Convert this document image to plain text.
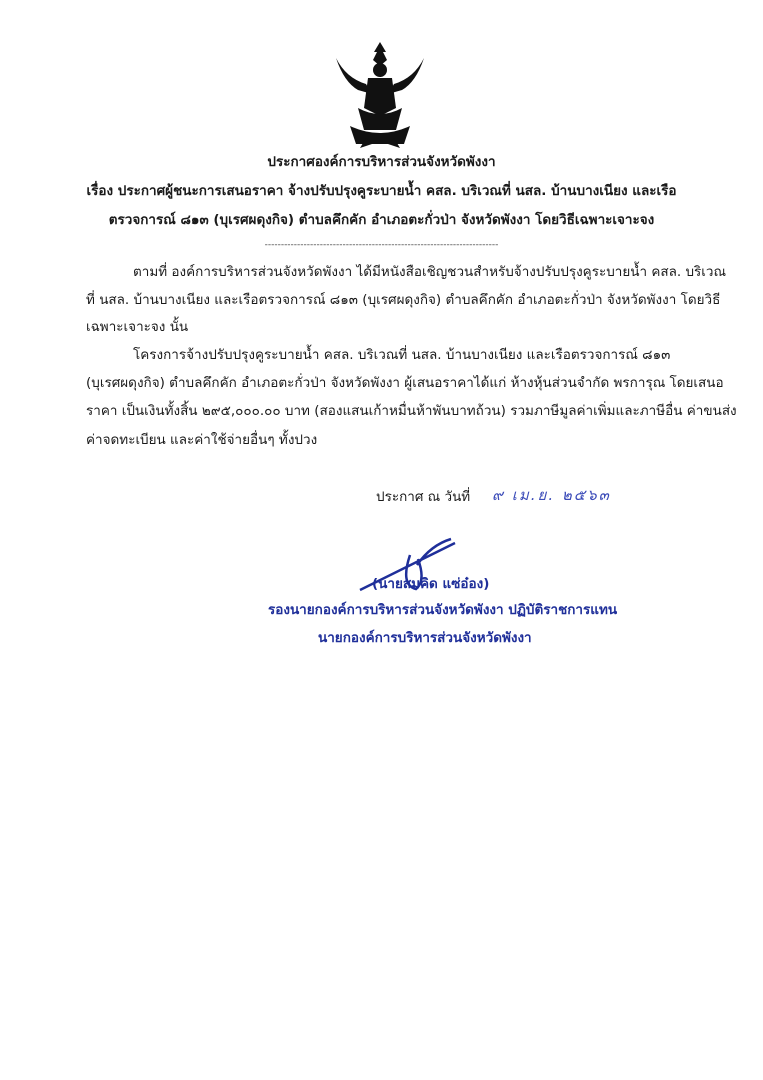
ประกาศองค์การบริหารส่วนจังหวัดพังงา
เรื่อง ประกาศผู้ชนะการเสนอราคา จ้างปรับปรุงคูระบายน้ำ คสล. บริเวณที่ นสล. บ้านบางเนียง และเรือ
ตรวจการณ์ ๘๑๓ (บุเรศผดุงกิจ) ตำบลคึกคัก อำเภอตะกั่วป่า จังหวัดพังงา โดยวิธีเฉพาะเจาะจง
------------------------------------------------------------------------
ตามที่ องค์การบริหารส่วนจังหวัดพังงา ได้มีหนังสือเชิญชวนสำหรับจ้างปรับปรุงคูระบายน้ำ คสล. บริเวณ
ที่ นสล. บ้านบางเนียง และเรือตรวจการณ์ ๘๑๓ (บุเรศผดุงกิจ) ตำบลคึกคัก อำเภอตะกั่วป่า จังหวัดพังงา โดยวิธี
เฉพาะเจาะจง นั้น
โครงการจ้างปรับปรุงคูระบายน้ำ คสล. บริเวณที่ นสล. บ้านบางเนียง และเรือตรวจการณ์ ๘๑๓
(บุเรศผดุงกิจ) ตำบลคึกคัก อำเภอตะกั่วป่า จังหวัดพังงา ผู้เสนอราคาได้แก่ ห้างหุ้นส่วนจำกัด พรการุณ โดยเสนอ
ราคา เป็นเงินทั้งสิ้น ๒๙๕,๐๐๐.๐๐ บาท (สองแสนเก้าหมื่นห้าพันบาทถ้วน) รวมภาษีมูลค่าเพิ่มและภาษีอื่น ค่าขนส่ง
ค่าจดทะเบียน และค่าใช้จ่ายอื่นๆ ทั้งปวง
ประกาศ ณ วันที่ ๙ เม.ย. ๒๕๖๓
(นายสมคิด แซ่อ๋อง)
รองนายกองค์การบริหารส่วนจังหวัดพังงา ปฏิบัติราชการแทน
นายกองค์การบริหารส่วนจังหวัดพังงา
